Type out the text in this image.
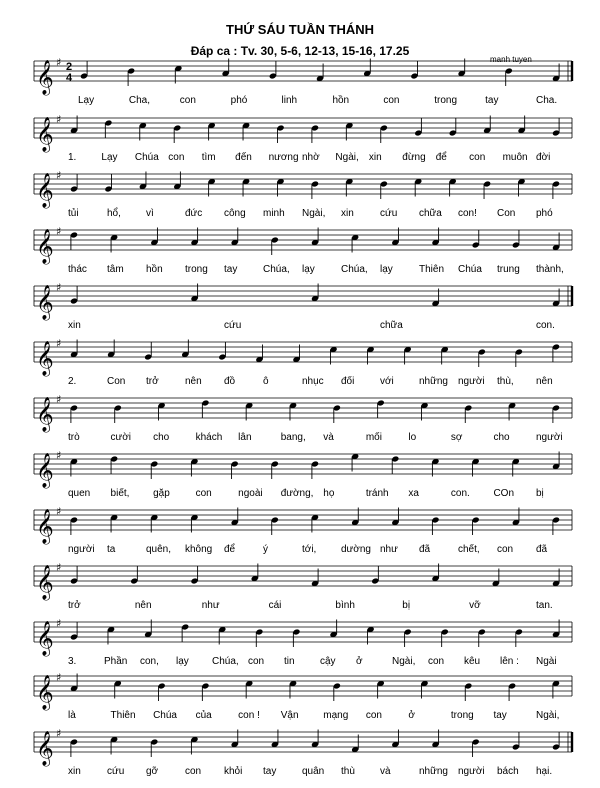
THỨ SÁU TUẦN THÁNH
Đáp ca : Tv. 30, 5-6, 12-13, 15-16, 17.25
manh tuyen
𝄞 ♯ 2
4
Lạy	Cha,	con	phó	linh	hồn	con	trong	tay	Cha.
𝄞 ♯
1.	Lạy Chúa con tìm đến nương nhờ Ngài, xin đừng để con muôn đời
𝄞 ♯
tủi	hổ,	vì	đức công minh Ngài, xin	cứu chữa con! Con phó
𝄞 ♯
thác tâm hồn trong tay	Chúa, lạy	Chúa, lạy	Thiên Chúa trung thành,
𝄞 ♯
xin	cứu	chữa	con.
𝄞 ♯
2.	Con trở	nên đồ	ô	nhục đối	với	những người thù, nên
𝄞 ♯
trò	cười cho	khách lân	bang, và	mối	lo	sợ	cho	người
𝄞 ♯
quen biết, gặp	con	ngoài đường, họ	tránh xa	con. COn bị
𝄞 ♯
người ta	quên, không để	ý	tới, dường như đã	chết, con đã
𝄞 ♯
trở	nên	như	cái	bình	bị	vỡ	tan.
𝄞 ♯
3.	Phần con, lạy Chúa, con tin	cậy ở	Ngài, con kêu lên : Ngài
𝄞 ♯
là	Thiên Chúa của	con ! Vận mạng con	ở	trong tay	Ngài,
𝄞 ♯
xin	cứu gỡ	con khỏi tay	quân thù	và	những người bách hại.
